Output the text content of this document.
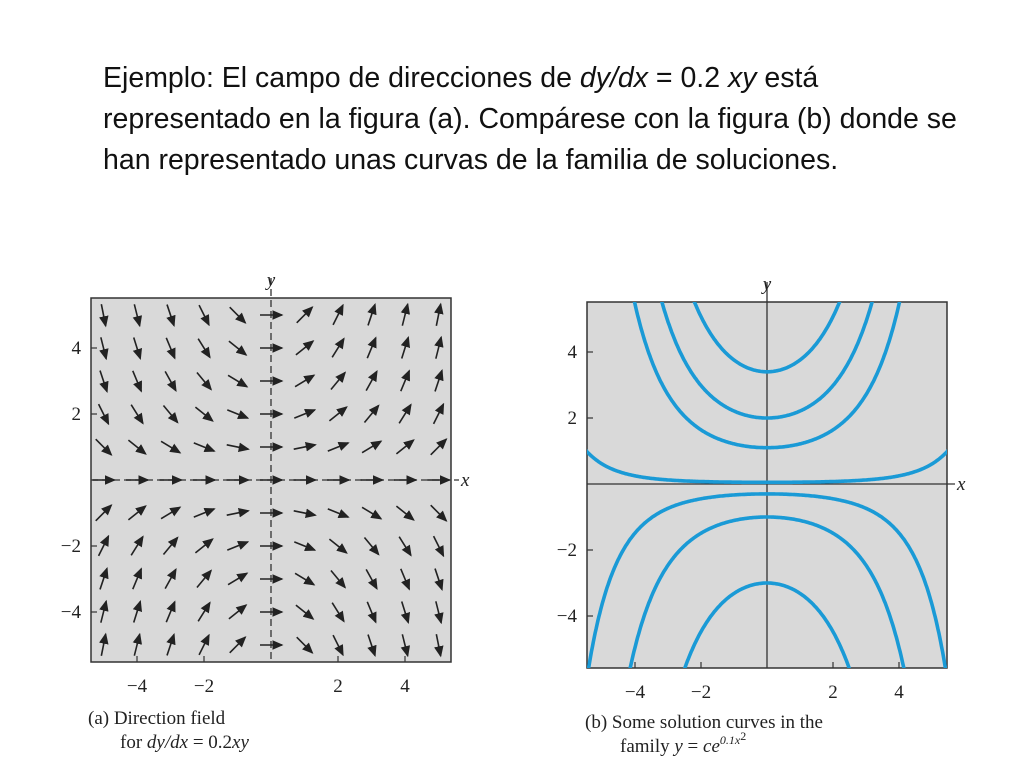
Ejemplo: El campo de direcciones de dy/dx = 0.2 xy está representado en la figura (a). Compárese con la figura (b) donde se han representado unas curvas de la familia de soluciones.
−4 −2	2	4
4
2
−2
−4
y
x
−4 −2	2	4
4
2
−2
−4
y
x
(a) Direction field
for dy/dx = 0.2xy
(b) Some solution curves in the
family $y = ce^{0.1x2}$
